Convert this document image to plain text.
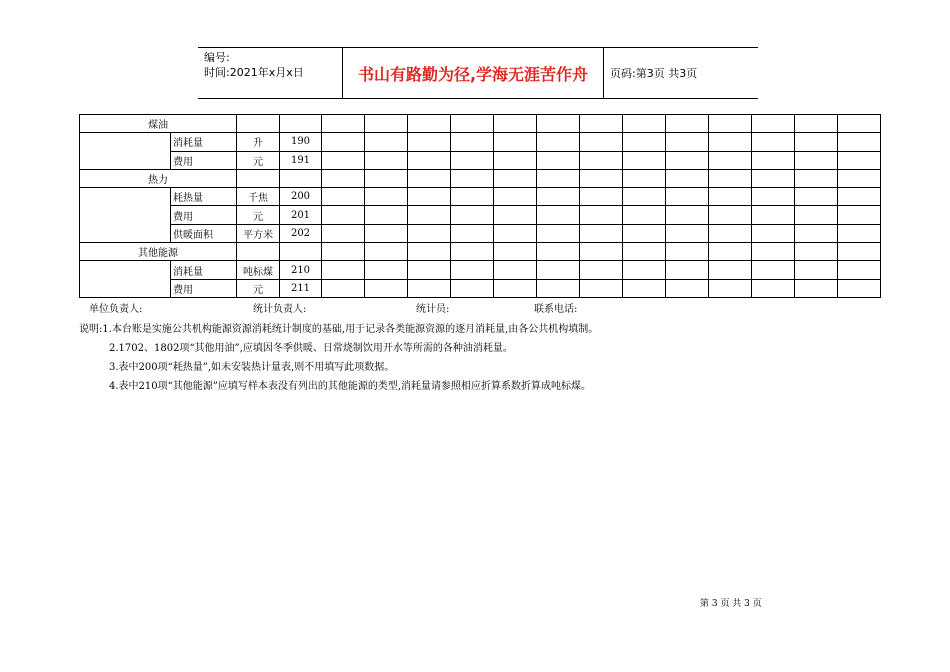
编号:
时间:2021年x月x日	书山有路勤为径,学海无涯苦作舟	页码:第3页 共3页
煤油																
	消耗量	升	190													
	费用	元	191													
热力																
	耗热量	千焦	200													
	费用	元	201													
	供暖面积	平方米	202													
其他能源																
	消耗量	吨标煤	210													
	费用	元	211													
单位负责人:	统计负责人:	统计员:	联系电话:
说明:1.本台账是实施公共机构能源资源消耗统计制度的基础,用于记录各类能源资源的逐月消耗量,由各公共机构填制。
2.1702、1802项“其他用油”,应填因冬季供暖、日常烧制饮用开水等所需的各种油消耗量。
3.表中200项“耗热量”,如未安装热计量表,则不用填写此项数据。
4.表中210项“其他能源”应填写样本表没有列出的其他能源的类型,消耗量请参照相应折算系数折算成吨标煤。
第 3 页 共 3 页
